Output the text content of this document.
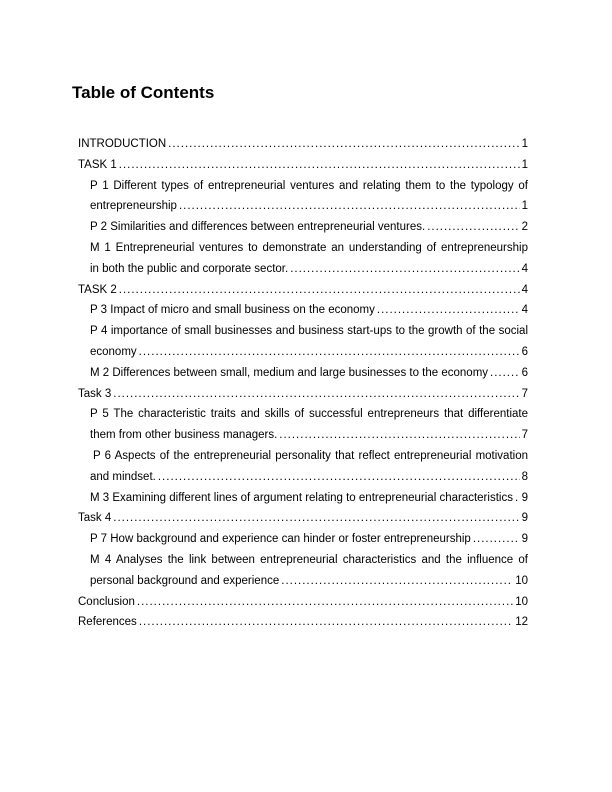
Table of Contents
INTRODUCTION .....	1
TASK 1 .....	1
P 1 Different types of entrepreneurial ventures and relating them to the typology of
entrepreneurship .....	1
P 2 Similarities and differences between entrepreneurial ventures. .....	2
M 1 Entrepreneurial ventures to demonstrate an understanding of entrepreneurship
in both the public and corporate sector. .....	4
TASK 2 .....	4
P 3 Impact of micro and small business on the economy .....	4
P 4 importance of small businesses and business start-ups to the growth of the social
economy .....	6
M 2 Differences between small, medium and large businesses to the economy .....	6
Task 3 .....	7
P 5 The characteristic traits and skills of successful entrepreneurs that differentiate
them from other business managers. .....	7
P 6 Aspects of the entrepreneurial personality that reflect entrepreneurial motivation
and mindset. .....	8
M 3 Examining different lines of argument relating to entrepreneurial characteristics ..... 9
Task 4 .....	9
P 7 How background and experience can hinder or foster entrepreneurship .....	9
M 4 Analyses the link between entrepreneurial characteristics and the influence of
personal background and experience .....	10
Conclusion .....	10
References .....	12
